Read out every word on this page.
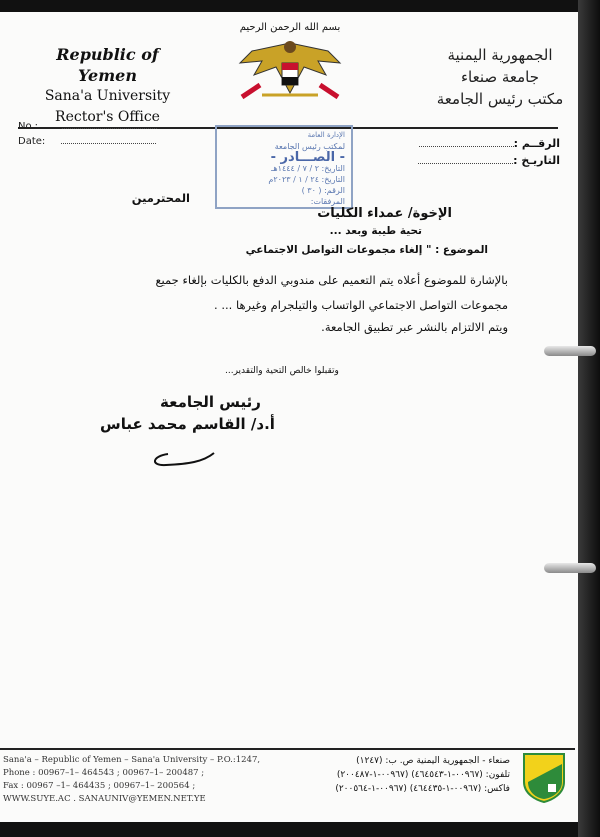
Republic of Yemen
Sana'a University
Rector's Office
بسم الله الرحمن الرحيم
الجمهورية اليمنية
جامعة صنعاء
مكتب رئيس الجامعة
No.:
Date:	الرقــم :
التاريـخ :
الإدارة العامة
لمكتب رئيس الجامعة
- الصـــادر -
التاريخ: ٢ / ٧ / ١٤٤٤هـ
التاريخ: ٢٤ / ١ / ٢٠٢٣م
الرقم: ( ٣٠ )
المرفقات:
المحترمين
الإخوة/ عمداء الكليات
تحية طيبة وبعد ...
الموضوع : " إلغاء مجموعات التواصل الاجتماعي
بالإشارة للموضوع أعلاه يتم التعميم على مندوبي الدفع بالكليات بإلغاء جميع
مجموعات التواصل الاجتماعي الواتساب والتيلجرام وغيرها ... .
ويتم الالتزام بالنشر عبر تطبيق الجامعة.
وتقبلوا خالص التحية والتقدير...
رئيس الجامعة
أ.د/ القاسم محمد عباس
Sana'a – Republic of Yemen – Sana'a University – P.O.:1247,
Phone : 00967–1– 464543 ; 00967–1– 200487 ;
Fax : 00967 –1– 464435 ; 00967–1– 200564 ;
WWW.SUYE.AC . SANAUNIV@YEMEN.NET.YE
صنعاء - الجمهورية اليمنية ص. ب: (١٢٤٧)
تلفون: (٠٠٩٦٧-١-٤٦٤٥٤٣) (٠٠٩٦٧-١-٢٠٠٤٨٧)
فاكس: (٠٠٩٦٧-١-٤٦٤٤٣٥) (٠٠٩٦٧-١-٢٠٠٥٦٤)
